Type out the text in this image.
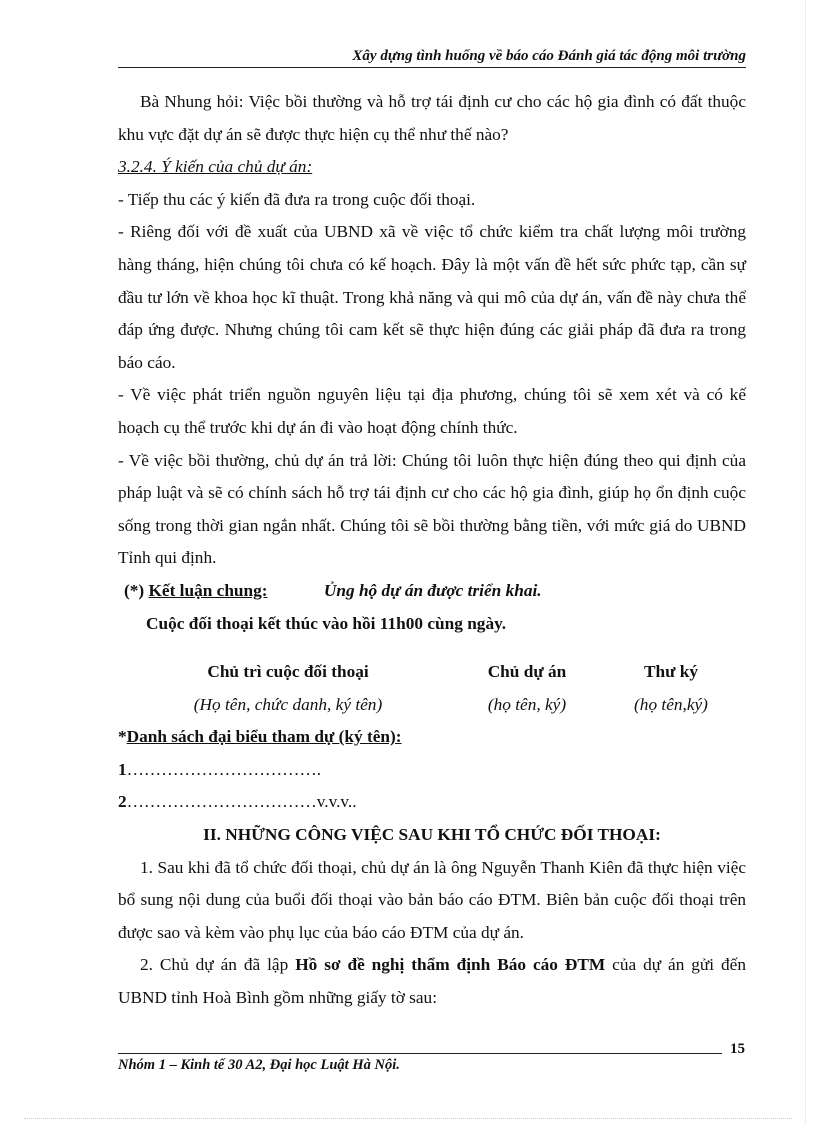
Xây dựng tình huống về báo cáo Đánh giá tác động môi trường

Bà Nhung hỏi: Việc bồi thường và hỗ trợ tái định cư cho các hộ gia đình có đất thuộc khu vực đặt dự án sẽ được thực hiện cụ thể như thế nào?

3.2.4. Ý kiến của chủ dự án:

- Tiếp thu các ý kiến đã đưa ra trong cuộc đối thoại.

- Riêng đối với đề xuất của UBND xã về việc tổ chức kiểm tra chất lượng môi trường hàng tháng, hiện chúng tôi chưa có kế hoạch. Đây là một vấn đề hết sức phức tạp, cần sự đầu tư lớn về khoa học kĩ thuật. Trong khả năng và qui mô của dự án, vấn đề này chưa thể đáp ứng được. Nhưng chúng tôi cam kết sẽ thực hiện đúng các giải pháp đã đưa ra trong báo cáo.

- Về việc phát triển nguồn nguyên liệu tại địa phương, chúng tôi sẽ xem xét và có kế hoạch cụ thể trước khi dự án đi vào hoạt động chính thức.

- Về việc bồi thường, chủ dự án trả lời: Chúng tôi luôn thực hiện đúng theo qui định của pháp luật và sẽ có chính sách hỗ trợ tái định cư cho các hộ gia đình, giúp họ ổn định cuộc sống trong thời gian ngắn nhất. Chúng tôi sẽ bồi thường bằng tiền, với mức giá do UBND Tỉnh qui định.

(*) Kết luận chung:	Ủng hộ dự án được triển khai.

Cuộc đối thoại kết thúc vào hồi 11h00 cùng ngày.

Chủ trì cuộc đối thoại
(Họ tên, chức danh, ký tên)
Chủ dự án
(họ tên, ký)
Thư ký
(họ tên,ký)

*Danh sách đại biểu tham dự (ký tên):

1…………………………….

2……………………………v.v.v..

II. NHỮNG CÔNG VIỆC SAU KHI TỔ CHỨC ĐỐI THOẠI:

1. Sau khi đã tổ chức đối thoại, chủ dự án là ông Nguyễn Thanh Kiên đã thực hiện việc bổ sung nội dung của buổi đối thoại vào bản báo cáo ĐTM. Biên bản cuộc đối thoại trên được sao và kèm vào phụ lục của báo cáo ĐTM của dự án.

2. Chủ dự án đã lập Hồ sơ đề nghị thẩm định Báo cáo ĐTM của dự án gửi đến UBND tỉnh Hoà Bình gồm những giấy tờ sau:

15
Nhóm 1 – Kinh tế 30 A2, Đại học Luật Hà Nội.
